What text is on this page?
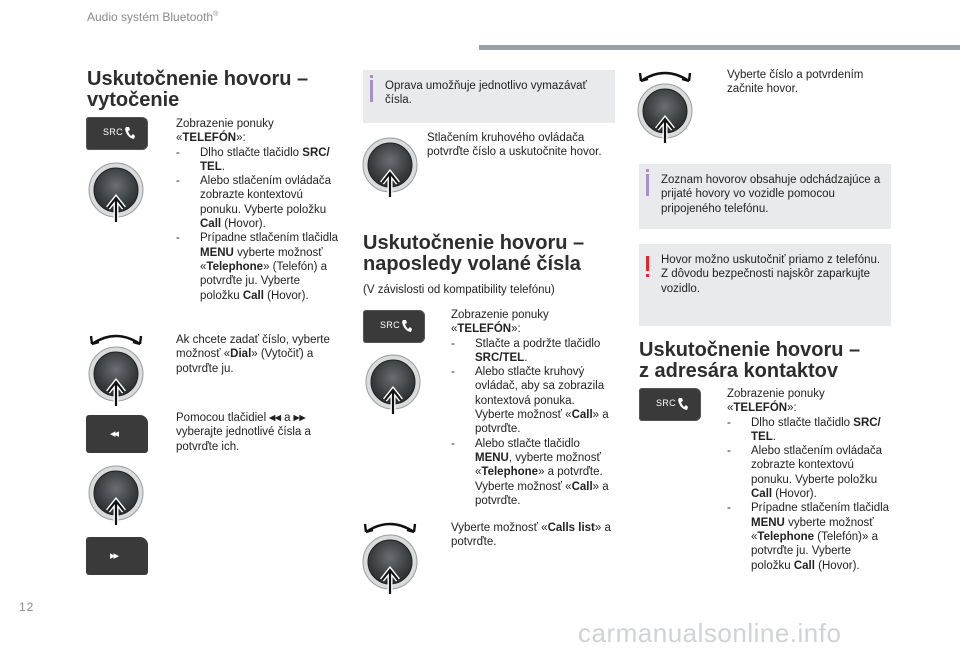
Audio systém Bluetooth®
Uskutočnenie hovoru –
vytočenie
SRC
Zobrazenie ponuky
«TELEFÓN»:
- Dlho stlačte tlačidlo SRC/
TEL.
- Alebo stlačením ovládača zobrazte kontextovú ponuku. Vyberte položku Call (Hovor).
- Prípadne stlačením tlačidla MENU vyberte možnosť «Telephone» (Telefón) a potvrďte ju. Vyberte položku Call (Hovor).
Ak chcete zadať číslo, vyberte možnosť «Dial» (Vytočiť) a potvrďte ju.
◂◂
Pomocou tlačidiel ◂◂ a ▸▸ vyberajte jednotlivé čísla a potvrďte ich.
▸▸
Oprava umožňuje jednotlivo vymazávať čísla.
Stlačením kruhového ovládača potvrďte číslo a uskutočnite hovor.
Uskutočnenie hovoru –
naposledy volané čísla
(V závislosti od kompatibility telefónu)
SRC
Zobrazenie ponuky
«TELEFÓN»:
- Stlačte a podržte tlačidlo SRC/TEL.
- Alebo stlačte kruhový ovládač, aby sa zobrazila kontextová ponuka. Vyberte možnosť «Call» a potvrďte.
- Alebo stlačte tlačidlo MENU, vyberte možnosť «Telephone» a potvrďte. Vyberte možnosť «Call» a potvrďte.
Vyberte možnosť «Calls list» a potvrďte.
Vyberte číslo a potvrdením začnite hovor.
Zoznam hovorov obsahuje odchádzajúce a prijaté hovory vo vozidle pomocou pripojeného telefónu.
Hovor možno uskutočniť priamo z telefónu. Z dôvodu bezpečnosti najskôr zaparkujte vozidlo.
Uskutočnenie hovoru –
z adresára kontaktov
SRC
Zobrazenie ponuky
«TELEFÓN»:
- Dlho stlačte tlačidlo SRC/
TEL.
- Alebo stlačením ovládača zobrazte kontextovú ponuku. Vyberte položku Call (Hovor).
- Prípadne stlačením tlačidla MENU vyberte možnosť «Telephone (Telefón)» a potvrďte ju. Vyberte položku Call (Hovor).
12
carmanualsonline.info
